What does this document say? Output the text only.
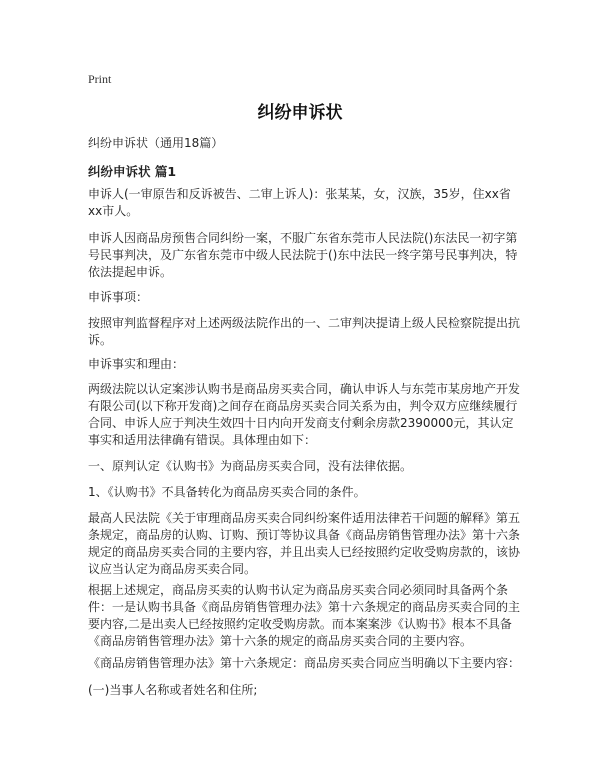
Print
纠纷申诉状
纠纷申诉状（通用18篇）
纠纷申诉状 篇1

申诉人(一审原告和反诉被告、二审上诉人)：张某某，女，汉族，35岁，住xx省xx市人。

申诉人因商品房预售合同纠纷一案，不服广东省东莞市人民法院()东法民一初字第号民事判决，及广东省东莞市中级人民法院于()东中法民一终字第号民事判决，特依法提起申诉。

申诉事项：

按照审判监督程序对上述两级法院作出的一、二审判决提请上级人民检察院提出抗诉。

申诉事实和理由：

两级法院以认定案涉认购书是商品房买卖合同，确认申诉人与东莞市某房地产开发有限公司(以下称开发商)之间存在商品房买卖合同关系为由，判令双方应继续履行合同、申诉人应于判决生效四十日内向开发商支付剩余房款2390000元，其认定事实和适用法律确有错误。具体理由如下：

一、原判认定《认购书》为商品房买卖合同，没有法律依据。

1、《认购书》不具备转化为商品房买卖合同的条件。

最高人民法院《关于审理商品房买卖合同纠纷案件适用法律若干问题的解释》第五条规定，商品房的认购、订购、预订等协议具备《商品房销售管理办法》第十六条规定的商品房买卖合同的主要内容，并且出卖人已经按照约定收受购房款的，该协议应当认定为商品房买卖合同。

根据上述规定，商品房买卖的认购书认定为商品房买卖合同必须同时具备两个条件：一是认购书具备《商品房销售管理办法》第十六条规定的商品房买卖合同的主要内容,二是出卖人已经按照约定收受购房款。而本案案涉《认购书》根本不具备《商品房销售管理办法》第十六条的规定的商品房买卖合同的主要内容。

《商品房销售管理办法》第十六条规定：商品房买卖合同应当明确以下主要内容：

(一)当事人名称或者姓名和住所;
